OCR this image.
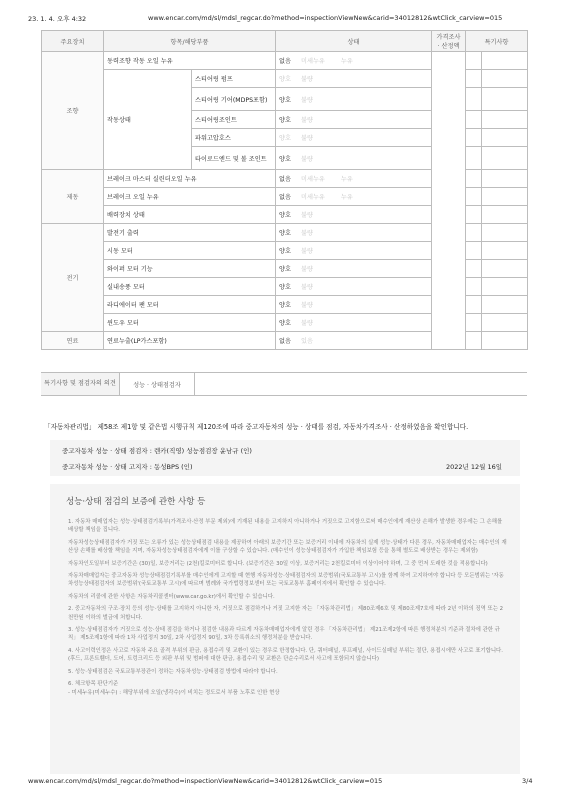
23. 1. 4. 오후 4:32	www.encar.com/md/sl/mdsl_regcar.do?method=inspectionViewNew&carid=34012812&wtClick_carview=015
주요장치	항목/해당부품		상태	가격조사 · 산정액	특기사항	
조향	동력조향 작동 오일 누유		없음 미세누유 누유			
	작동상태	스티어링 펌프	양호 불량			
		스티어링 기어(MDPS포함)	양호 불량			
		스티어링조인트	양호 불량			
		파워고압호스	양호 불량			
		타이로드엔드 및 볼 조인트	양호 불량			
제동	브레이크 마스터 실린더오일 누유		없음 미세누유 누유			
	브레이크 오일 누유		없음 미세누유 누유			
	배력장치 상태		양호 불량			
전기	발전기 출력		양호 불량			
	시동 모터		양호 불량			
	와이퍼 모터 기능		양호 불량			
	실내송풍 모터		양호 불량			
	라디에이터 팬 모터		양호 불량			
	윈도우 모터		양호 불량			
연료	연료누출(LP가스포함)		없음 있음			
특기사항 및 점검자의 의견	성능 · 상태점검자
「자동차관리법」 제58조 제1항 및 같은법 시행규칙 제120조에 따라 중고자동차의 성능 · 상태를 점검, 자동차가격조사 · 산정하였음을 확인합니다.
중고자동차 성능 · 상태 점검자 : 렌카(직영) 성능점검장 윤남규 (인)
중고자동차 성능 · 상태 고지자 : 동성BPS (인)	2022년 12월 16일
성능·상태 점검의 보증에 관한 사항 등

1. 자동차 매매업자는 성능·상태점검기록부(가격조사·산정 부문 제외)에 기재된 내용을 고지하지 아니하거나 거짓으로 고지함으로써 매수인에게 재산상 손해가 발생한 경우에는 그 손해를 배상할 책임을 집니다.

자동차성능상태점검자가 거짓 또는 오류가 있는 성능상태점검 내용을 제공하여 아래의 보증기간 또는 보증거리 이내에 자동차의 실제 성능·상태가 다른 경우, 자동차매매업자는 매수인의 재산상 손해를 배상할 책임을 지며, 자동차성능상태점검자에게 이를 구상할 수 있습니다. (매수인이 성능상태점검자가 가입한 책임보험 등을 통해 별도로 배상받는 경우는 제외함)

자동차인도일부터 보증기간은 (30)일, 보증거리는 (2천)킬로미터로 합니다. (보증기간은 30일 이상, 보증거리는 2천킬로미터 이상이어야 하며, 그 중 먼저 도래한 것을 적용합니다)

자동차매매업자는 중고자동차 성능상태점검기록부를 매수인에게 고지할 때 현행 자동차성능·상태점검자의 보증범위(국토교통부 고시)를 함께 하여 고지하여야 합니다 등 모든범위는 '자동차성능상태점검자의 보증범위'(국토교통부 고시)에 따르며 범례와 국가법령정보센터 또는 국토교통부 홈페이지에서 확인할 수 있습니다.

자동차의 리콜에 관한 사항은 자동차리콜센터(www.car.go.kr)에서 확인할 수 있습니다.

2. 중고자동차의 구조·장치 등의 성능·상태를 고지하지 아니한 자, 거짓으로 점검하거나 거짓 고지한 자는 「자동차관리법」 제80조제6호 및 제80조제7호에 따라 2년 이하의 징역 또는 2천만원 이하의 벌금에 처합니다.

3. 성능·상태점검자가 거짓으로 성능·상태 점검을 하거나 점검한 내용과 다르게 자동차매매업자에게 알린 경우 「자동차관리법」 제21조제2항에 따른 행정처분의 기준과 절차에 관한 규칙」 제5조제1항에 따라 1차 사업정지 30일, 2차 사업정지 90일, 3차 등록취소의 행정처분을 받습니다.

4. 사고이력인정은 사고로 자동차 주요 골격 부위의 판금, 용접수리 및 교환이 있는 경우로 한정합니다. 단, 쿼터패널, 루프패널, 사이드실패널 부위는 절단, 용접시에만 사고로 표기합니다. (후드, 프론트휀더, 도어, 트렁크리드 등 외판 부위 및 범퍼에 대한 판금, 용접수리 및 교환은 단순수리로서 사고에 포함되지 않습니다)

5. 성능·상태점검은 국토교통부장관이 정하는 자동차성능·상태점검 방법에 따라야 합니다.

6. 체크항목 판단기준

- 미세누유(미세누수) : 해당부위에 오일(냉각수)이 비치는 정도로서 부품 노후로 인한 현상

www.encar.com/md/sl/mdsl_regcar.do?method=inspectionViewNew&carid=34012812&wtClick_carview=015	3/4
